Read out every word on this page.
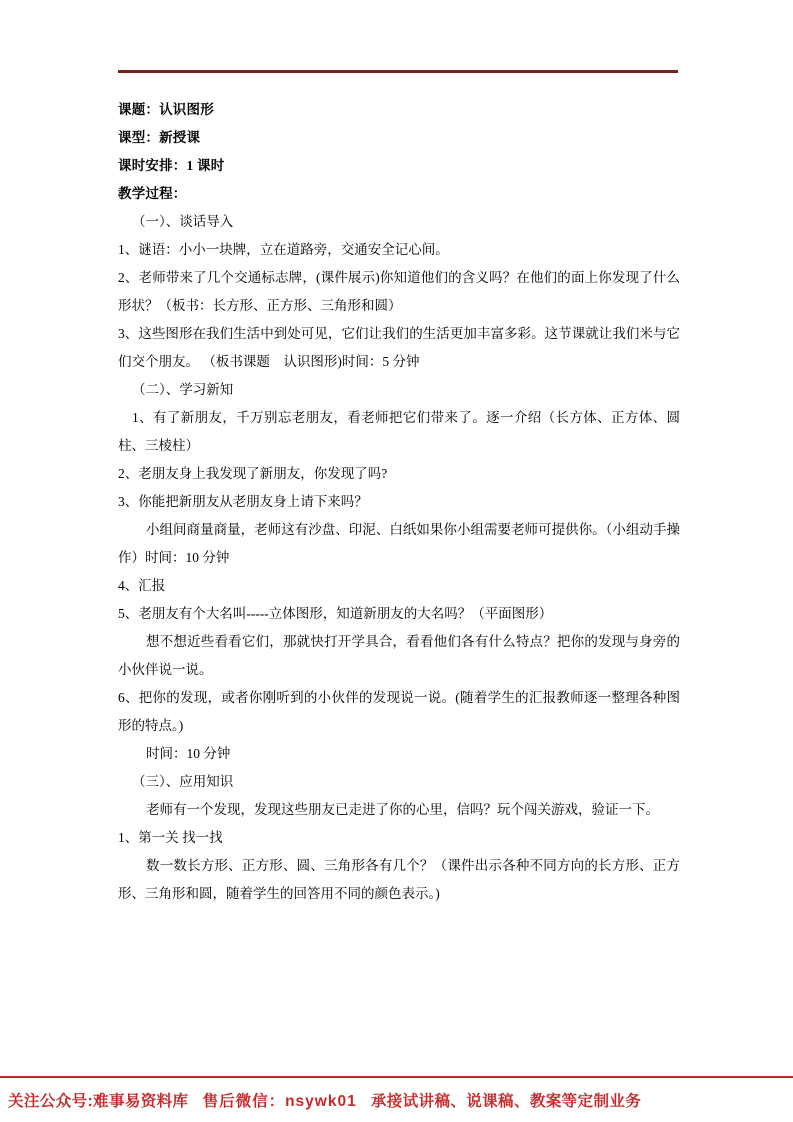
课题：认识图形

课型：新授课

课时安排：1 课时

教学过程：

（一）、谈话导入

1、谜语：小小一块牌，立在道路旁，交通安全记心间。

2、老师带来了几个交通标志牌，(课件展示)你知道他们的含义吗？在他们的面上你发现了什么形状？（板书：长方形、正方形、三角形和圆）

3、这些图形在我们生活中到处可见，它们让我们的生活更加丰富多彩。这节课就让我们米与它们交个朋友。 （板书课题　认识图形)时间：5 分钟

（二）、学习新知

1、有了新朋友，千万别忘老朋友，看老师把它们带来了。逐一介绍（长方体、正方体、圆柱、三棱柱）

2、老朋友身上我发现了新朋友，你发现了吗?

3、你能把新朋友从老朋友身上请下来吗？

小组间商量商量，老师这有沙盘、印泥、白纸如果你小组需要老师可提供你。（小组动手操作）时间：10 分钟

4、汇报

5、老朋友有个大名叫-----立体图形，知道新朋友的大名吗？（平面图形）

想不想近些看看它们，那就快打开学具合，看看他们各有什么特点？把你的发现与身旁的小伙伴说一说。

6、把你的发现，或者你刚听到的小伙伴的发现说一说。(随着学生的汇报教师逐一整理各种图形的特点。)

时间：10 分钟

（三）、应用知识

老师有一个发现，发现这些朋友已走进了你的心里，信吗？玩个闯关游戏，验证一下。

1、第一关 找一找

数一数长方形、正方形、圆、三角形各有几个？（课件出示各种不同方向的长方形、正方形、三角形和圆，随着学生的回答用不同的颜色表示。)

关注公众号:难事易资料库 售后微信：nsywk01 承接试讲稿、说课稿、教案等定制业务
